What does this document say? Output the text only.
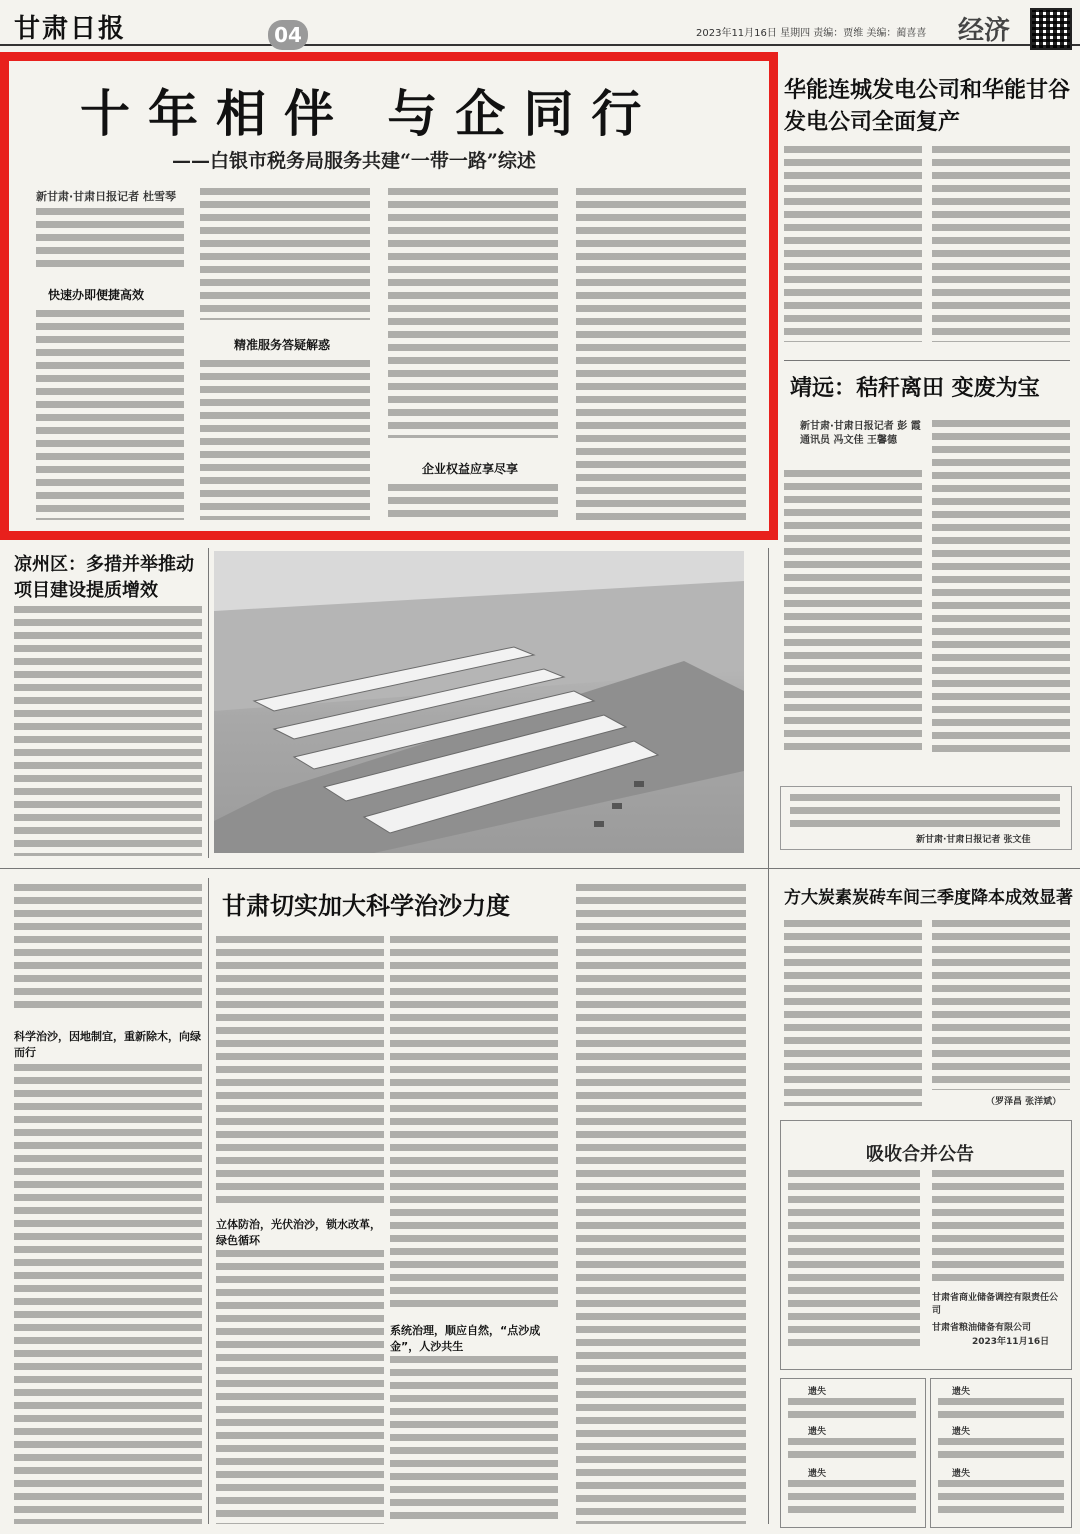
甘肃日报	04	2023年11月16日 星期四 责编：贾维 美编：蔺喜喜 经济
十年相伴 与企同行
——白银市税务局服务共建“一带一路”综述
新甘肃·甘肃日报记者 杜雪琴
快速办即便捷高效
精准服务答疑解惑
企业权益应享尽享
华能连城发电公司和华能甘谷发电公司全面复产
靖远：秸秆离田 变废为宝
新甘肃·甘肃日报记者 彭 霞 通讯员 冯文佳 王馨德
新甘肃·甘肃日报记者 张文佳
凉州区：多措并举推动项目建设提质增效
科学治沙，因地制宜，重新除木，向绿而行
甘肃切实加大科学治沙力度
立体防治，光伏治沙，锁水改革，绿色循环
系统治理，顺应自然，“点沙成金”，人沙共生
方大炭素炭砖车间三季度降本成效显著
（罗泽昌 张洋斌）
吸收合并公告
甘肃省商业储备调控有限责任公司
甘肃省粮油储备有限公司
2023年11月16日
遗失
遗失
遗失
遗失
遗失
遗失
